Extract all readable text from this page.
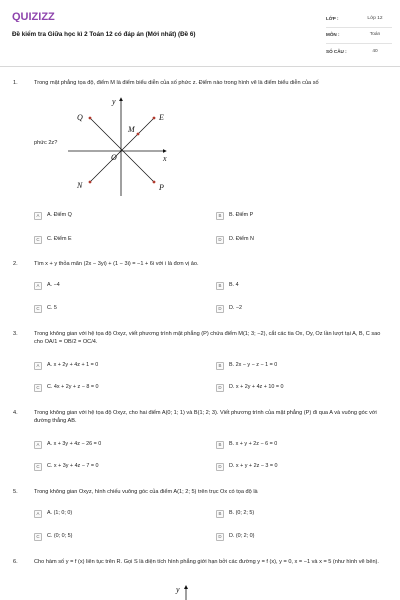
QUIZIZZ
Đề kiểm tra Giữa học kì 2 Toán 12 có đáp án (Mới nhất) (Đề 6)
LỚP :	Lớp 12
MÔN :	Toán
SỐ CÂU :	40
1.	Trong mặt phẳng tọa độ, điểm M là điểm biểu diễn của số phức z. Điểm nào trong hình vẽ là điểm biểu diễn của số
phức 2z?
y
x
O
Q
M
E
N	P
A	A. Điểm Q	B	B. Điểm P
C	C. Điểm E	D	D. Điểm N
2.	Tìm x + y thỏa mãn (2x − 3yi) + (1 − 3i) = −1 + 6i với i là đơn vị ảo.
A	A. −4	B	B. 4
C	C. 5	D	D. −2
3.	Trong không gian với hệ tọa độ Oxyz, viết phương trình mặt phẳng (P) chứa điểm M(1; 3; −2), cắt các tia Ox, Oy, Oz lần lượt tại A, B, C sao cho OA/1 = OB/2 = OC/4.
A	A. x + 2y + 4z + 1 = 0	B	B. 2x − y − z − 1 = 0
C	C. 4x + 2y + z − 8 = 0	D	D. x + 2y + 4z + 10 = 0
4.	Trong không gian với hệ tọa độ Oxyz, cho hai điểm A(0; 1; 1) và B(1; 2; 3). Viết phương trình của mặt phẳng (P) đi qua A và vuông góc với đường thẳng AB.
A	A. x + 3y + 4z − 26 = 0	B	B. x + y + 2z − 6 = 0
C	C. x + 3y + 4z − 7 = 0	D	D. x + y + 2z − 3 = 0
5.	Trong không gian Oxyz, hình chiếu vuông góc của điểm A(1; 2; 5) trên trục Ox có tọa độ là
A	A. (1; 0; 0)	B	B. (0; 2; 5)
C	C. (0; 0; 5)	D	D. (0; 2; 0)
6.	Cho hàm số y = f (x) liên tục trên R. Gọi S là diện tích hình phẳng giới hạn bởi các đường y = f (x), y = 0, x = −1 và x = 5 (như hình vẽ bên).
y
